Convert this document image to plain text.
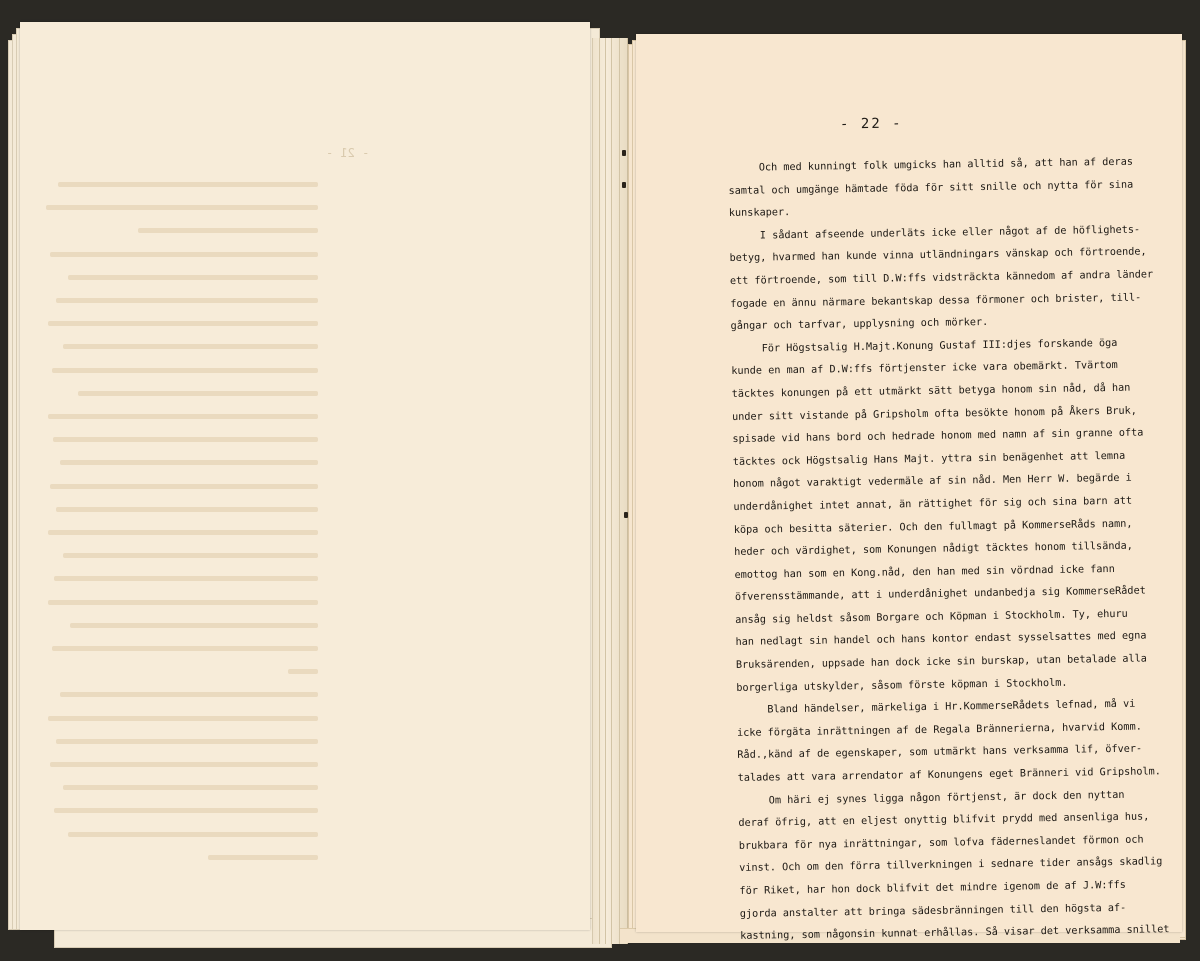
- 21 -
- 22 -

Och med kunningt folk umgicks han alltid så, att han af deras

samtal och umgänge hämtade föda för sitt snille och nytta för sina

kunskaper.

I sådant afseende underläts icke eller något af de höflighets-

betyg, hvarmed han kunde vinna utländningars vänskap och förtroende,

ett förtroende, som till D.W:ffs vidsträckta kännedom af andra länder

fogade en ännu närmare bekantskap dessa förmoner och brister, till-

gångar och tarfvar, upplysning och mörker.

För Högstsalig H.Majt.Konung Gustaf III:djes forskande öga

kunde en man af D.W:ffs förtjenster icke vara obemärkt. Tvärtom

täcktes konungen på ett utmärkt sätt betyga honom sin nåd, då han

under sitt vistande på Gripsholm ofta besökte honom på Åkers Bruk,

spisade vid hans bord och hedrade honom med namn af sin granne ofta

täcktes ock Högstsalig Hans Majt. yttra sin benägenhet att lemna

honom något varaktigt vedermäle af sin nåd. Men Herr W. begärde i

underdånighet intet annat, än rättighet för sig och sina barn att

köpa och besitta säterier. Och den fullmagt på KommerseRåds namn,

heder och värdighet, som Konungen nådigt täcktes honom tillsända,

emottog han som en Kong.nåd, den han med sin vördnad icke fann

öfverensstämmande, att i underdånighet undanbedja sig KommerseRådet

ansåg sig heldst såsom Borgare och Köpman i Stockholm. Ty, ehuru

han nedlagt sin handel och hans kontor endast sysselsattes med egna

Bruksärenden, uppsade han dock icke sin burskap, utan betalade alla

borgerliga utskylder, såsom förste köpman i Stockholm.

Bland händelser, märkeliga i Hr.KommerseRådets lefnad, må vi

icke förgäta inrättningen af de Regala Brännerierna, hvarvid Komm.

Råd.,känd af de egenskaper, som utmärkt hans verksamma lif, öfver-

talades att vara arrendator af Konungens eget Bränneri vid Gripsholm.

Om häri ej synes ligga någon förtjenst, är dock den nyttan

deraf öfrig, att en eljest onyttig blifvit prydd med ansenliga hus,

brukbara för nya inrättningar, som lofva fäderneslandet förmon och

vinst. Och om den förra tillverkningen i sednare tider ansågs skadlig

för Riket, har hon dock blifvit det mindre igenom de af J.W:ffs

gjorda anstalter att bringa sädesbränningen till den högsta af-

kastning, som någonsin kunnat erhållas. Så visar det verksamma snillet
